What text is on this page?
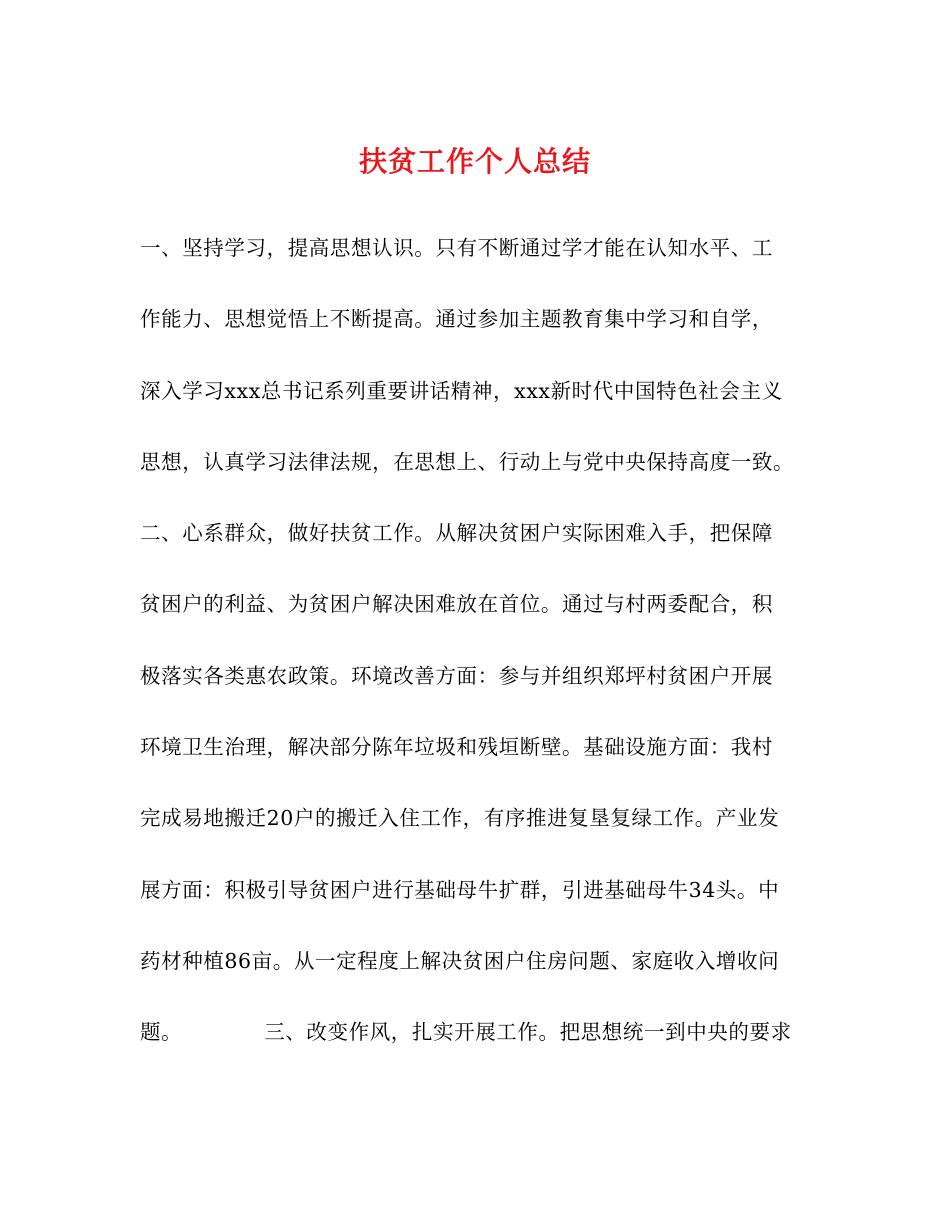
扶贫工作个人总结
一、坚持学习，提高思想认识。只有不断通过学才能在认知水平、工
作能力、思想觉悟上不断提高。通过参加主题教育集中学习和自学，
深入学习xxx总书记系列重要讲话精神，xxx新时代中国特色社会主义
思想，认真学习法律法规，在思想上、行动上与党中央保持高度一致。
二、心系群众，做好扶贫工作。从解决贫困户实际困难入手，把保障
贫困户的利益、为贫困户解决困难放在首位。通过与村两委配合，积
极落实各类惠农政策。环境改善方面：参与并组织郑坪村贫困户开展
环境卫生治理，解决部分陈年垃圾和残垣断壁。基础设施方面：我村
完成易地搬迁20户的搬迁入住工作，有序推进复垦复绿工作。产业发
展方面：积极引导贫困户进行基础母牛扩群，引进基础母牛34头。中
药材种植86亩。从一定程度上解决贫困户住房问题、家庭收入增收问
题。	三、改变作风，扎实开展工作。把思想统一到中央的要求
